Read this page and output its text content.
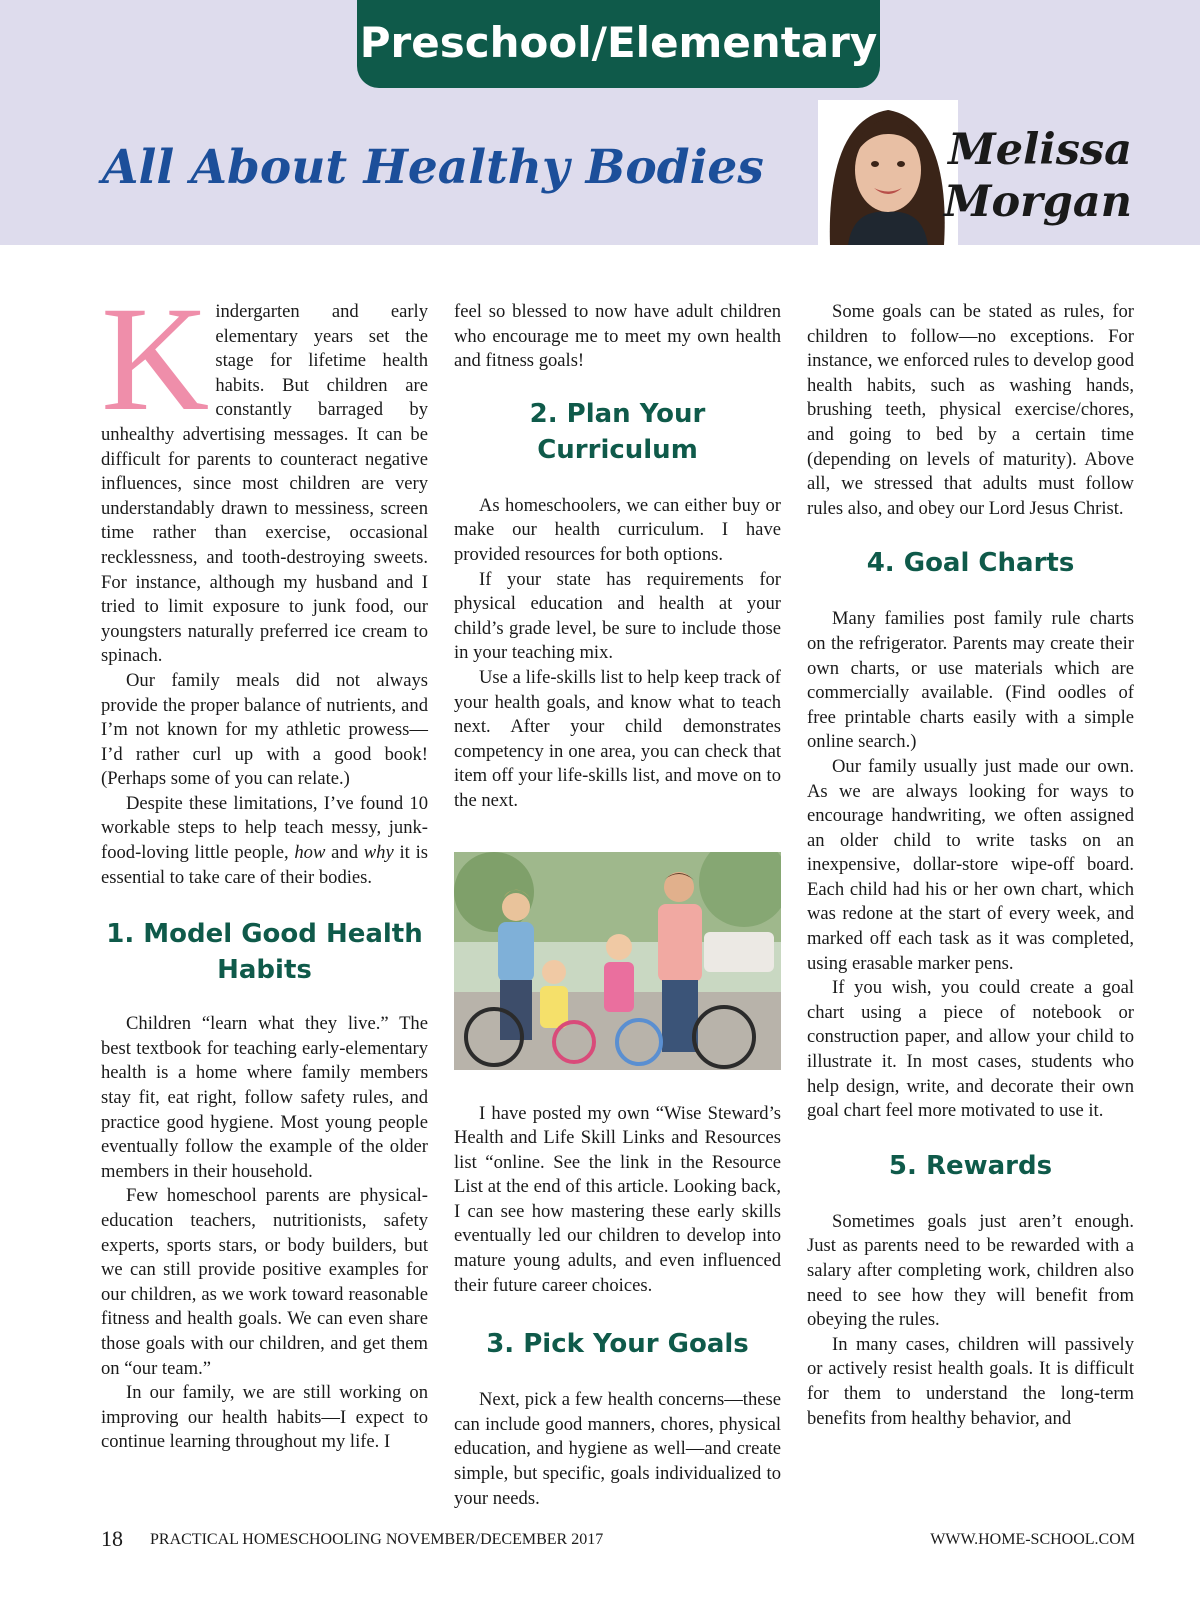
Preschool/Elementary
All About Healthy Bodies	Melissa
Morgan
K indergarten and early elementary years set the stage for lifetime health habits. But children are constantly barraged by unhealthy advertising messages. It can be difficult for parents to counteract negative influences, since most children are very understandably drawn to messiness, screen time rather than exercise, occasional recklessness, and tooth-destroying sweets. For instance, although my husband and I tried to limit exposure to junk food, our youngsters naturally preferred ice cream to spinach.

Our family meals did not always provide the proper balance of nutrients, and I’m not known for my athletic prowess—I’d rather curl up with a good book! (Perhaps some of you can relate.)

Despite these limitations, I’ve found 10 workable steps to help teach messy, junk-food-loving little people, how and why it is essential to take care of their bodies.

1. Model Good Health Habits

Children “learn what they live.” The best textbook for teaching early-elementary health is a home where family members stay fit, eat right, follow safety rules, and practice good hygiene. Most young people eventually follow the example of the older members in their household.

Few homeschool parents are physical-education teachers, nutritionists, safety experts, sports stars, or body builders, but we can still provide positive examples for our children, as we work toward reasonable fitness and health goals. We can even share those goals with our children, and get them on “our team.”

In our family, we are still working on improving our health habits—I expect to continue learning throughout my life. I

feel so blessed to now have adult children who encourage me to meet my own health and fitness goals!

2. Plan Your Curriculum

As homeschoolers, we can either buy or make our health curriculum. I have provided resources for both options.

If your state has requirements for physical education and health at your child’s grade level, be sure to include those in your teaching mix.

Use a life-skills list to help keep track of your health goals, and know what to teach next. After your child demonstrates competency in one area, you can check that item off your life-skills list, and move on to the next.

I have posted my own “Wise Steward’s Health and Life Skill Links and Resources list “online. See the link in the Resource List at the end of this article. Looking back, I can see how mastering these early skills eventually led our children to develop into mature young adults, and even influenced their future career choices.

3. Pick Your Goals

Next, pick a few health concerns—these can include good manners, chores, physical education, and hygiene as well—and create simple, but specific, goals individualized to your needs.

Some goals can be stated as rules, for children to follow—no exceptions. For instance, we enforced rules to develop good health habits, such as washing hands, brushing teeth, physical exercise/chores, and going to bed by a certain time (depending on levels of maturity). Above all, we stressed that adults must follow rules also, and obey our Lord Jesus Christ.

4. Goal Charts

Many families post family rule charts on the refrigerator. Parents may create their own charts, or use materials which are commercially available. (Find oodles of free printable charts easily with a simple online search.)

Our family usually just made our own. As we are always looking for ways to encourage handwriting, we often assigned an older child to write tasks on an inexpensive, dollar-store wipe-off board. Each child had his or her own chart, which was redone at the start of every week, and marked off each task as it was completed, using erasable marker pens.

If you wish, you could create a goal chart using a piece of notebook or construction paper, and allow your child to illustrate it. In most cases, students who help design, write, and decorate their own goal chart feel more motivated to use it.

5. Rewards

Sometimes goals just aren’t enough. Just as parents need to be rewarded with a salary after completing work, children also need to see how they will benefit from obeying the rules.

In many cases, children will passively or actively resist health goals. It is difficult for them to understand the long-term benefits from healthy behavior, and

18 PRACTICAL HOMESCHOOLING NOVEMBER/DECEMBER 2017	WWW.HOME-SCHOOL.COM
